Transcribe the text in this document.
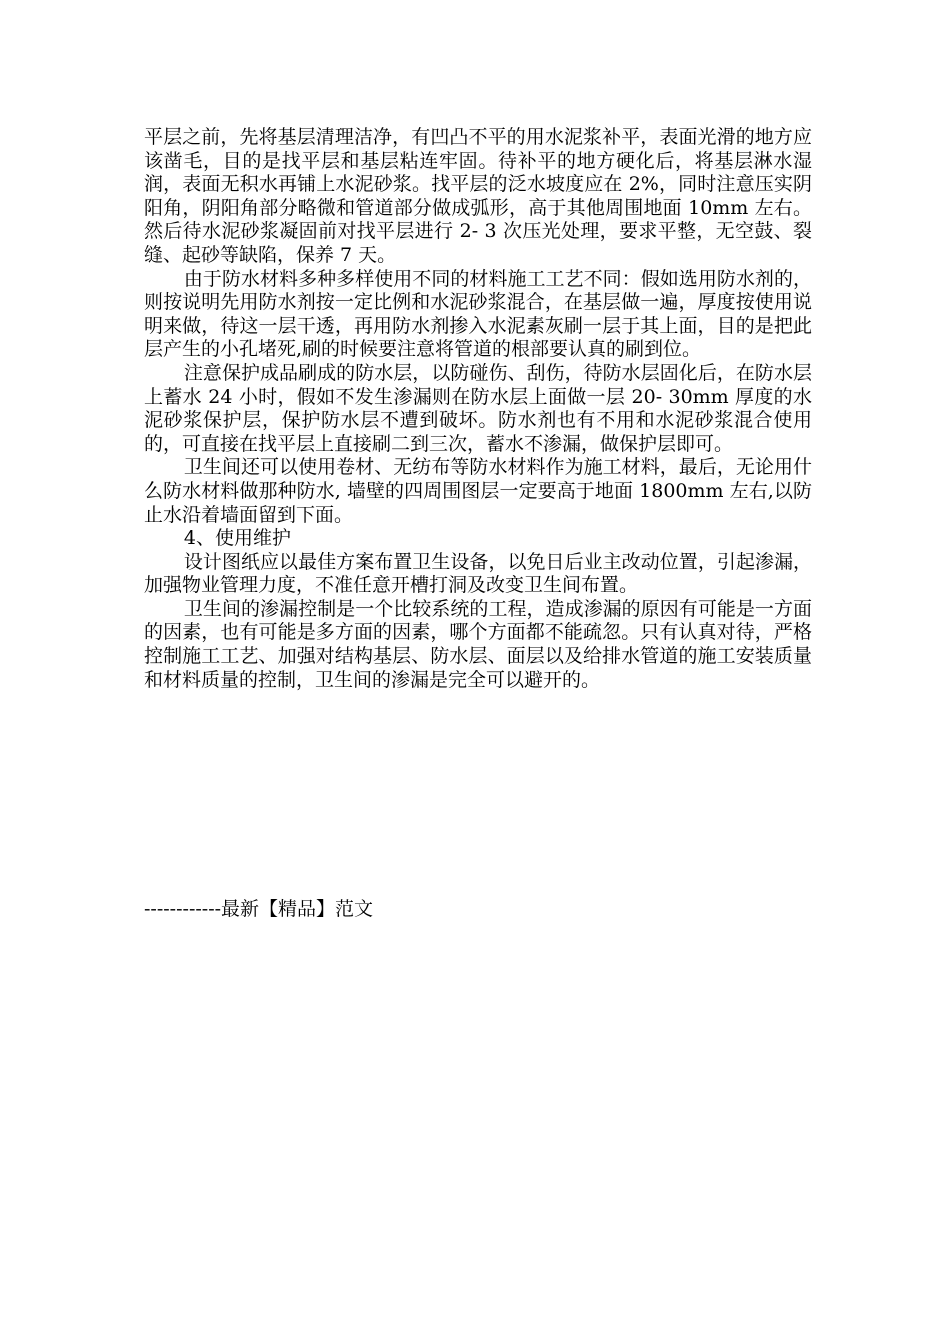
平层之前，先将基层清理洁净，有凹凸不平的用水泥浆补平，表面光滑的地方应该凿毛，目的是找平层和基层粘连牢固。待补平的地方硬化后，将基层淋水湿润，表面无积水再铺上水泥砂浆。找平层的泛水坡度应在 2%，同时注意压实阴阳角，阴阳角部分略微和管道部分做成弧形，高于其他周围地面 10mm 左右。然后待水泥砂浆凝固前对找平层进行 2- 3 次压光处理，要求平整，无空鼓、裂缝、起砂等缺陷，保养 7 天。

由于防水材料多种多样使用不同的材料施工工艺不同：假如选用防水剂的，则按说明先用防水剂按一定比例和水泥砂浆混合，在基层做一遍，厚度按使用说明来做，待这一层干透，再用防水剂掺入水泥素灰刷一层于其上面，目的是把此层产生的小孔堵死,刷的时候要注意将管道的根部要认真的刷到位。

注意保护成品刷成的防水层，以防碰伤、刮伤，待防水层固化后，在防水层上蓄水 24 小时，假如不发生渗漏则在防水层上面做一层 20- 30mm 厚度的水泥砂浆保护层，保护防水层不遭到破坏。防水剂也有不用和水泥砂浆混合使用的，可直接在找平层上直接刷二到三次，蓄水不渗漏，做保护层即可。

卫生间还可以使用卷材、无纺布等防水材料作为施工材料，最后，无论用什么防水材料做那种防水, 墙壁的四周围图层一定要高于地面 1800mm 左右,以防止水沿着墙面留到下面。

4、使用维护

设计图纸应以最佳方案布置卫生设备，以免日后业主改动位置，引起渗漏，加强物业管理力度，不准任意开槽打洞及改变卫生间布置。

卫生间的渗漏控制是一个比较系统的工程，造成渗漏的原因有可能是一方面的因素，也有可能是多方面的因素，哪个方面都不能疏忽。只有认真对待，严格控制施工工艺、加强对结构基层、防水层、面层以及给排水管道的施工安装质量和材料质量的控制，卫生间的渗漏是完全可以避开的。

------------最新【精品】范文
